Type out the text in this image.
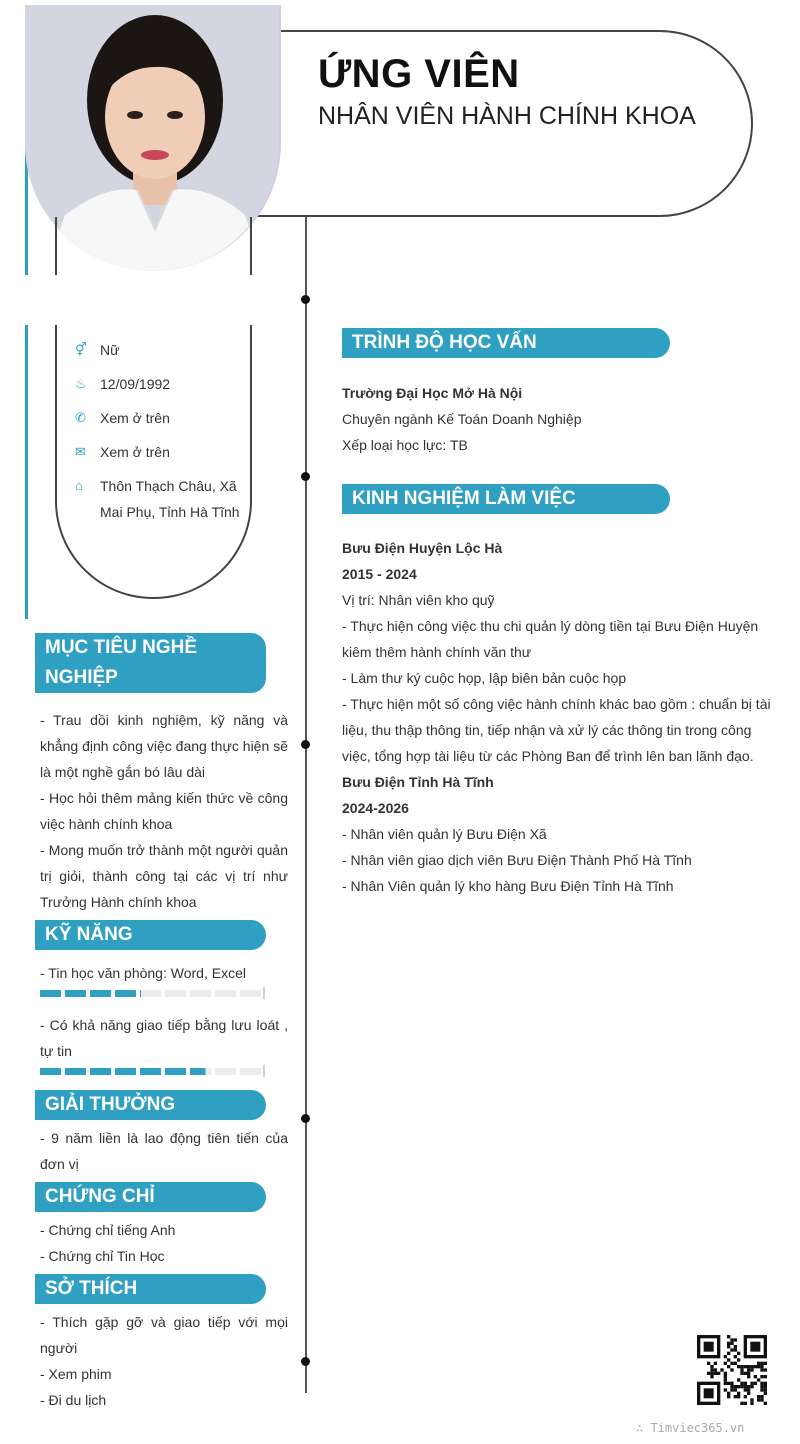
ỨNG VIÊN
NHÂN VIÊN HÀNH CHÍNH KHOA
⚥ Nữ
♨ 12/09/1992
✆	Xem ở trên
✉	Xem ở trên
⌂	Thôn Thạch Châu, Xã
Mai Phụ, Tỉnh Hà Tĩnh
MỤC TIÊU NGHỀ
NGHIỆP
- Trau dồi kinh nghiệm, kỹ năng và
khẳng định công việc đang thực hiện sẽ
là một nghề gắn bó lâu dài
- Học hỏi thêm mảng kiến thức về công
việc hành chính khoa
- Mong muốn trở thành một người quản
trị giỏi, thành công tại các vị trí như
Trưởng Hành chính khoa
KỸ NĂNG
- Tin học văn phòng: Word, Excel
- Có khả năng giao tiếp bằng lưu loát ,
tự tin
GIẢI THƯỞNG
- 9 năm liền là lao động tiên tiến của
đơn vị
CHỨNG CHỈ
- Chứng chỉ tiếng Anh
- Chứng chỉ Tin Học
SỞ THÍCH
- Thích gặp gỡ và giao tiếp với mọi
người
- Xem phim
- Đi du lịch
TRÌNH ĐỘ HỌC VẤN
Trường Đại Học Mở Hà Nội
Chuyên ngành Kế Toán Doanh Nghiệp
Xếp loại học lực: TB
KINH NGHIỆM LÀM VIỆC
Bưu Điện Huyện Lộc Hà
2015 - 2024
Vị trí: Nhân viên kho quỹ
- Thực hiện công việc thu chi quản lý dòng tiền tại Bưu Điện Huyện
kiêm thêm hành chính văn thư
- Làm thư ký cuộc họp, lập biên bản cuộc họp
- Thực hiện một số công việc hành chính khác bao gồm : chuẩn bị tài
liệu, thu thập thông tin, tiếp nhận và xử lý các thông tin trong công
việc, tổng hợp tài liệu từ các Phòng Ban để trình lên ban lãnh đạo.
Bưu Điện Tỉnh Hà Tĩnh
2024-2026
- Nhân viên quản lý Bưu Điện Xã
- Nhân viên giao dịch viên Bưu Điện Thành Phố Hà Tĩnh
- Nhân Viên quản lý kho hàng Bưu Điện Tỉnh Hà Tĩnh
∴ Timviec365.vn
